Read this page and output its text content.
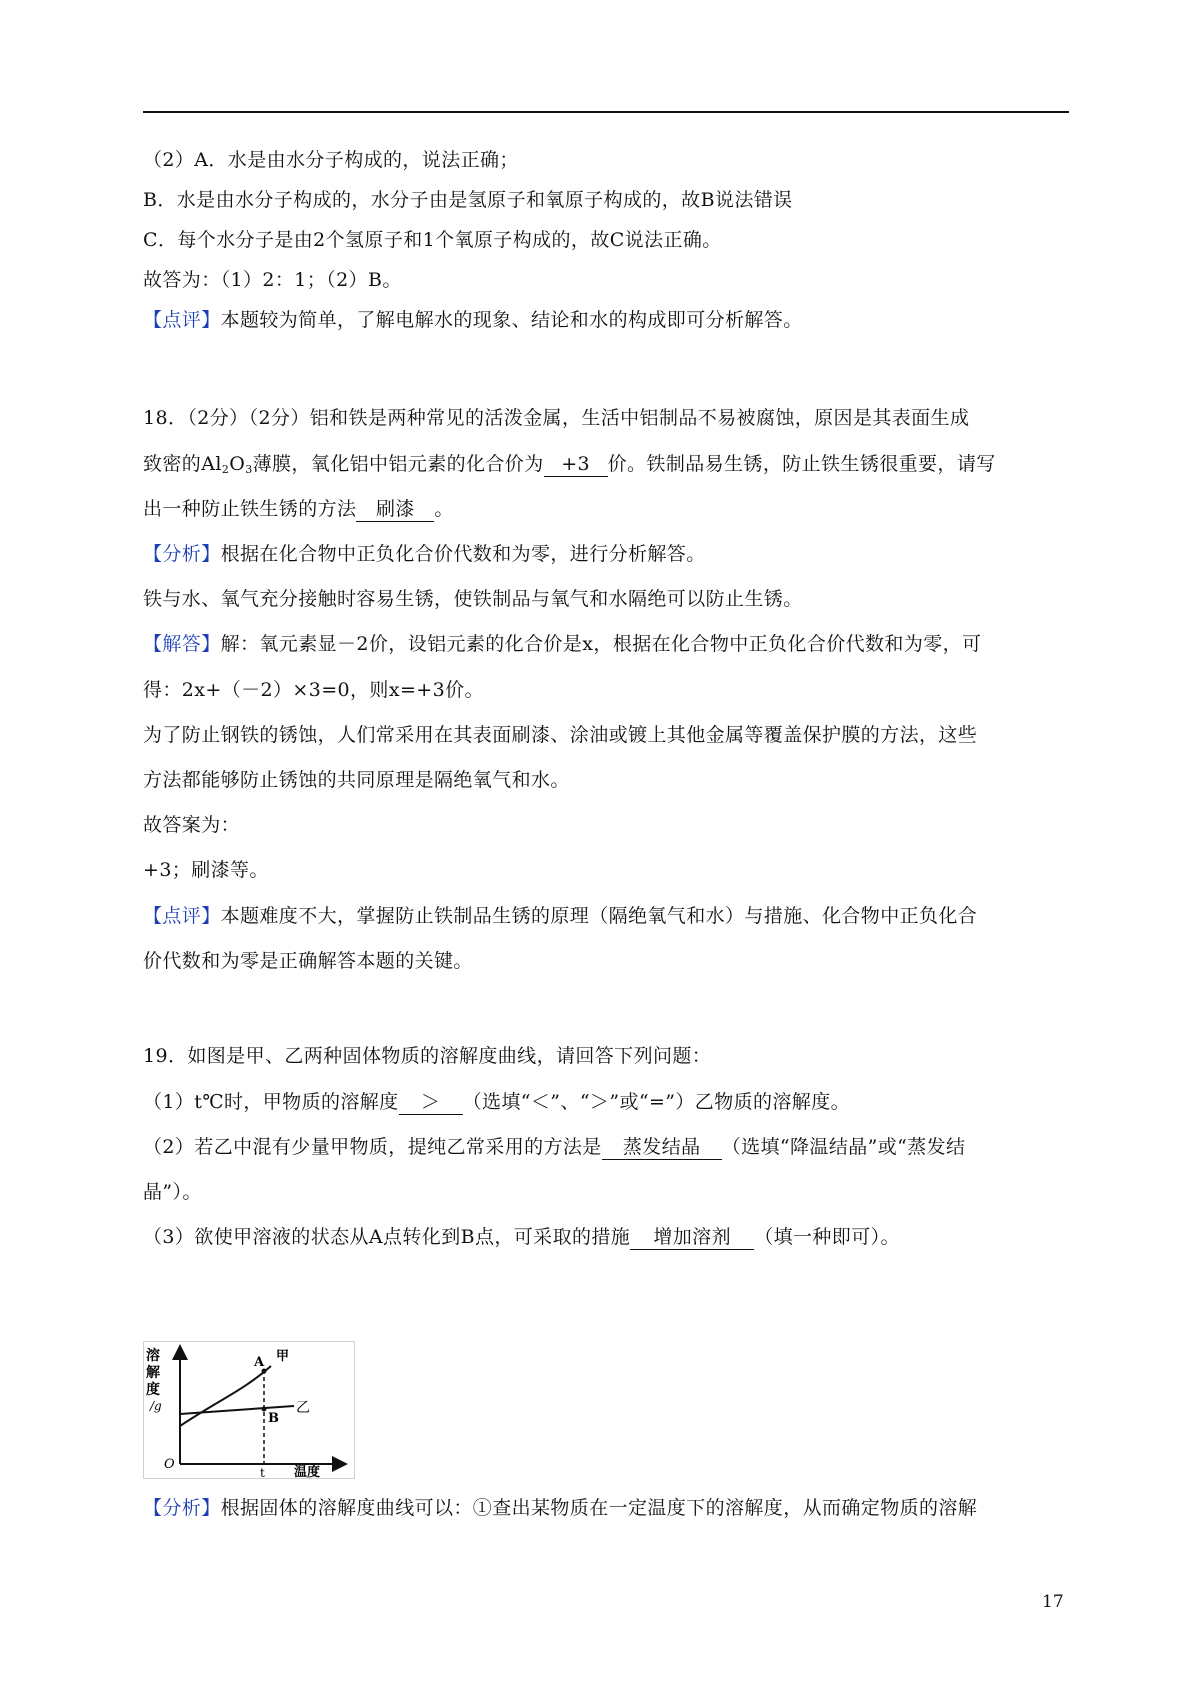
（2）A．水是由水分子构成的，说法正确；
B．水是由水分子构成的，水分子由是氢原子和氧原子构成的，故B说法错误
C．每个水分子是由2个氢原子和1个氧原子构成的，故C说法正确。
故答为：（1）2：1；（2）B。
【点评】本题较为简单，了解电解水的现象、结论和水的构成即可分析解答。
18．（2分）（2分）铝和铁是两种常见的活泼金属，生活中铝制品不易被腐蚀，原因是其表面生成
致密的$Al_2O_3$薄膜，氧化铝中铝元素的化合价为 +3 价。铁制品易生锈，防止铁生锈很重要，请写
出一种防止铁生锈的方法 刷漆 。
【分析】根据在化合物中正负化合价代数和为零，进行分析解答。
铁与水、氧气充分接触时容易生锈，使铁制品与氧气和水隔绝可以防止生锈。
【解答】解：氧元素显－2价，设铝元素的化合价是x，根据在化合物中正负化合价代数和为零，可
得：2x+（－2）×3=0，则x=+3价。
为了防止钢铁的锈蚀，人们常采用在其表面刷漆、涂油或镀上其他金属等覆盖保护膜的方法，这些
方法都能够防止锈蚀的共同原理是隔绝氧气和水。
故答案为：
+3；刷漆等。
【点评】本题难度不大，掌握防止铁制品生锈的原理（隔绝氧气和水）与措施、化合物中正负化合
价代数和为零是正确解答本题的关键。
19．如图是甲、乙两种固体物质的溶解度曲线，请回答下列问题：
（1）t℃时，甲物质的溶解度 ＞ （选填“＜”、“＞”或“=”）乙物质的溶解度。
（2）若乙中混有少量甲物质，提纯乙常采用的方法是 蒸发结晶 （选填“降温结晶”或“蒸发结
晶”）。
（3）欲使甲溶液的状态从A点转化到B点，可采取的措施 增加溶剂 （填一种即可）。
溶
解
度
/g
O
t 温度
A
B
甲
乙
【分析】根据固体的溶解度曲线可以：①查出某物质在一定温度下的溶解度，从而确定物质的溶解
17
